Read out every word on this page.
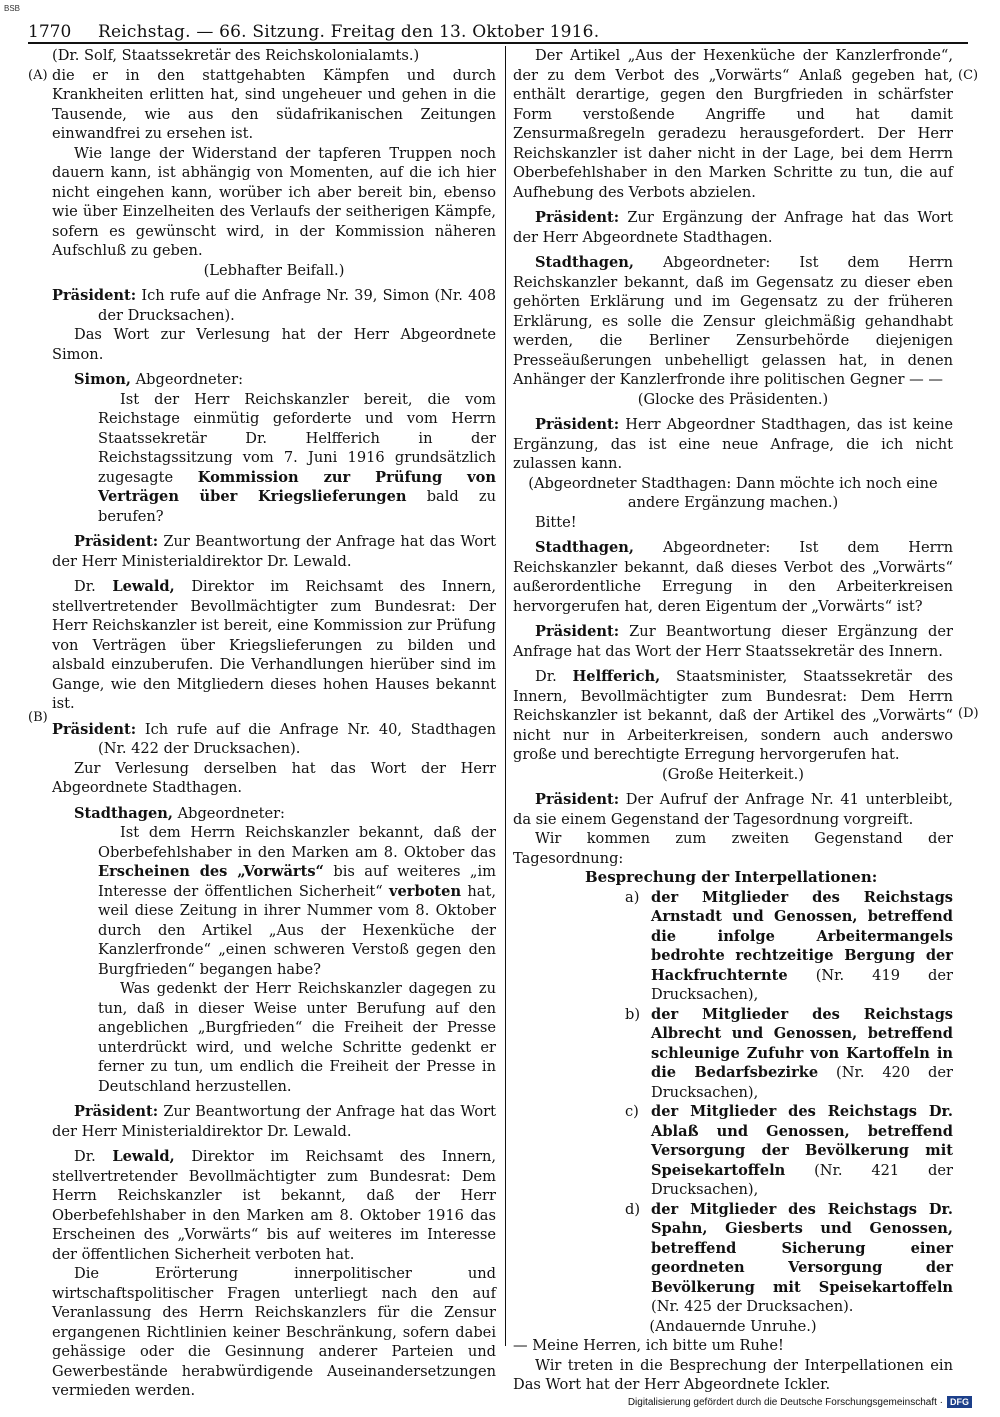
BSB
1770	Reichstag. — 66. Sitzung. Freitag den 13. Oktober 1916.
(A)
(B)
(C)
(D)

(Dr. Solf, Staatssekretär des Reichskolonialamts.)

die er in den stattgehabten Kämpfen und durch Krankheiten erlitten hat, sind ungeheuer und gehen in die Tausende, wie aus den südafrikanischen Zeitungen einwandfrei zu ersehen ist.

Wie lange der Widerstand der tapferen Truppen noch dauern kann, ist abhängig von Momenten, auf die ich hier nicht eingehen kann, worüber ich aber bereit bin, ebenso wie über Einzelheiten des Verlaufs der seitherigen Kämpfe, sofern es gewünscht wird, in der Kommission näheren Aufschluß zu geben.

(Lebhafter Beifall.)

Präsident: Ich rufe auf die Anfrage Nr. 39, Simon (Nr. 408 der Drucksachen).

Das Wort zur Verlesung hat der Herr Abgeordnete Simon.

Simon, Abgeordneter:

Ist der Herr Reichskanzler bereit, die vom Reichstage einmütig geforderte und vom Herrn Staatssekretär Dr. Helfferich in der Reichstagssitzung vom 7. Juni 1916 grundsätzlich zugesagte Kommission zur Prüfung von Verträgen über Kriegslieferungen bald zu berufen?

Präsident: Zur Beantwortung der Anfrage hat das Wort der Herr Ministerialdirektor Dr. Lewald.

Dr. Lewald, Direktor im Reichsamt des Innern, stellvertretender Bevollmächtigter zum Bundesrat: Der Herr Reichskanzler ist bereit, eine Kommission zur Prüfung von Verträgen über Kriegslieferungen zu bilden und alsbald einzuberufen. Die Verhandlungen hierüber sind im Gange, wie den Mitgliedern dieses hohen Hauses bekannt ist.

Präsident: Ich rufe auf die Anfrage Nr. 40, Stadthagen (Nr. 422 der Drucksachen).

Zur Verlesung derselben hat das Wort der Herr Abgeordnete Stadthagen.

Stadthagen, Abgeordneter:

Ist dem Herrn Reichskanzler bekannt, daß der Oberbefehlshaber in den Marken am 8. Oktober das Erscheinen des „Vorwärts“ bis auf weiteres „im Interesse der öffentlichen Sicherheit“ verboten hat, weil diese Zeitung in ihrer Nummer vom 8. Oktober durch den Artikel „Aus der Hexenküche der Kanzlerfronde“ „einen schweren Verstoß gegen den Burgfrieden“ begangen habe?

Was gedenkt der Herr Reichskanzler dagegen zu tun, daß in dieser Weise unter Berufung auf den angeblichen „Burgfrieden“ die Freiheit der Presse unterdrückt wird, und welche Schritte gedenkt er ferner zu tun, um endlich die Freiheit der Presse in Deutschland herzustellen.

Präsident: Zur Beantwortung der Anfrage hat das Wort der Herr Ministerialdirektor Dr. Lewald.

Dr. Lewald, Direktor im Reichsamt des Innern, stellvertretender Bevollmächtigter zum Bundesrat: Dem Herrn Reichskanzler ist bekannt, daß der Herr Oberbefehlshaber in den Marken am 8. Oktober 1916 das Erscheinen des „Vorwärts“ bis auf weiteres im Interesse der öffentlichen Sicherheit verboten hat.

Die Erörterung innerpolitischer und wirtschaftspolitischer Fragen unterliegt nach den auf Veranlassung des Herrn Reichskanzlers für die Zensur ergangenen Richtlinien keiner Beschränkung, sofern dabei gehässige oder die Gesinnung anderer Parteien und Gewerbestände herabwürdigende Auseinandersetzungen vermieden werden.

Der Artikel „Aus der Hexenküche der Kanzlerfronde“, der zu dem Verbot des „Vorwärts“ Anlaß gegeben hat, enthält derartige, gegen den Burgfrieden in schärfster Form verstoßende Angriffe und hat damit Zensurmaßregeln geradezu herausgefordert. Der Herr Reichskanzler ist daher nicht in der Lage, bei dem Herrn Oberbefehlshaber in den Marken Schritte zu tun, die auf Aufhebung des Verbots abzielen.

Präsident: Zur Ergänzung der Anfrage hat das Wort der Herr Abgeordnete Stadthagen.

Stadthagen, Abgeordneter: Ist dem Herrn Reichskanzler bekannt, daß im Gegensatz zu dieser eben gehörten Erklärung und im Gegensatz zu der früheren Erklärung, es solle die Zensur gleichmäßig gehandhabt werden, die Berliner Zensurbehörde diejenigen Presseäußerungen unbehelligt gelassen hat, in denen Anhänger der Kanzlerfronde ihre politischen Gegner — —

(Glocke des Präsidenten.)

Präsident: Herr Abgeordner Stadthagen, das ist keine Ergänzung, das ist eine neue Anfrage, die ich nicht zulassen kann.

(Abgeordneter Stadthagen: Dann möchte ich noch eine andere Ergänzung machen.)

Bitte!

Stadthagen, Abgeordneter: Ist dem Herrn Reichskanzler bekannt, daß dieses Verbot des „Vorwärts“ außerordentliche Erregung in den Arbeiterkreisen hervorgerufen hat, deren Eigentum der „Vorwärts“ ist?

Präsident: Zur Beantwortung dieser Ergänzung der Anfrage hat das Wort der Herr Staatssekretär des Innern.

Dr. Helfferich, Staatsminister, Staatssekretär des Innern, Bevollmächtigter zum Bundesrat: Dem Herrn Reichskanzler ist bekannt, daß der Artikel des „Vorwärts“ nicht nur in Arbeiterkreisen, sondern auch anderswo große und berechtigte Erregung hervorgerufen hat.

(Große Heiterkeit.)

Präsident: Der Aufruf der Anfrage Nr. 41 unterbleibt, da sie einem Gegenstand der Tagesordnung vorgreift.

Wir kommen zum zweiten Gegenstand der Tagesordnung:

Besprechung der Interpellationen:

a) der Mitglieder des Reichstags Arnstadt und Genossen, betreffend die infolge Arbeitermangels bedrohte rechtzeitige Bergung der Hackfruchternte (Nr. 419 der Drucksachen),
b) der Mitglieder des Reichstags Albrecht und Genossen, betreffend schleunige Zufuhr von Kartoffeln in die Bedarfsbezirke (Nr. 420 der Drucksachen),
c) der Mitglieder des Reichstags Dr. Ablaß und Genossen, betreffend Versorgung der Bevölkerung mit Speisekartoffeln (Nr. 421 der Drucksachen),
d) der Mitglieder des Reichstags Dr. Spahn, Giesberts und Genossen, betreffend Sicherung einer geordneten Versorgung der Bevölkerung mit Speisekartoffeln (Nr. 425 der Drucksachen).

(Andauernde Unruhe.)

— Meine Herren, ich bitte um Ruhe!

Wir treten in die Besprechung der Interpellationen ein Das Wort hat der Herr Abgeordnete Ickler.

Digitalisierung gefördert durch die Deutsche Forschungsgemeinschaft · DFG
